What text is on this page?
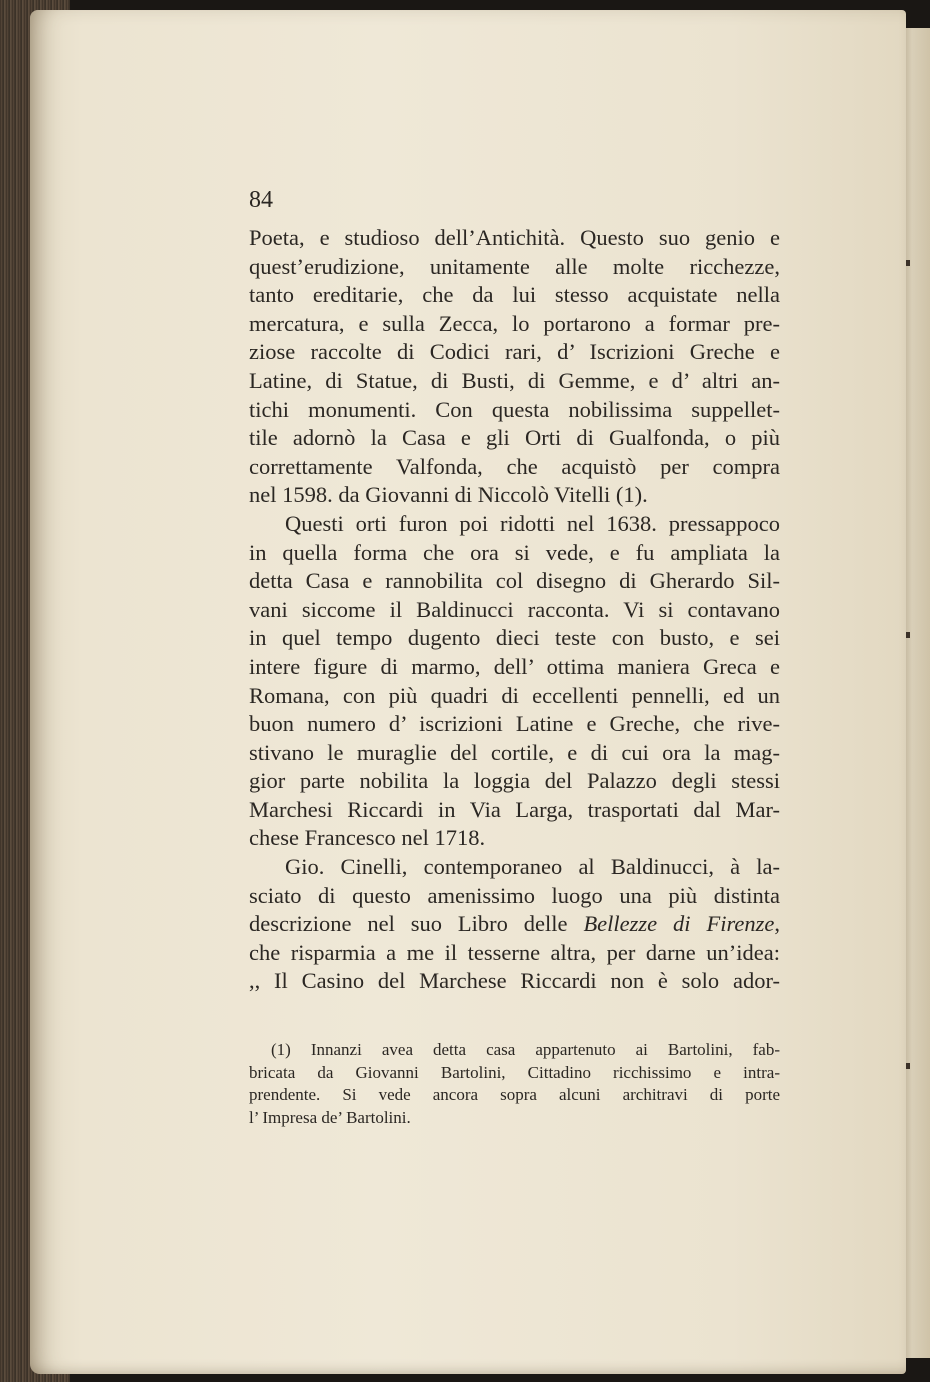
84
Poeta, e studioso dell’Antichità. Questo suo genio e
quest’erudizione, unitamente alle molte ricchezze,
tanto ereditarie, che da lui stesso acquistate nella
mercatura, e sulla Zecca, lo portarono a formar pre-
ziose raccolte di Codici rari, d’ Iscrizioni Greche e
Latine, di Statue, di Busti, di Gemme, e d’ altri an-
tichi monumenti. Con questa nobilissima suppellet-
tile adornò la Casa e gli Orti di Gualfonda, o più
correttamente Valfonda, che acquistò per compra
nel 1598. da Giovanni di Niccolò Vitelli (1).
Questi orti furon poi ridotti nel 1638. pressappoco
in quella forma che ora si vede, e fu ampliata la
detta Casa e rannobilita col disegno di Gherardo Sil-
vani siccome il Baldinucci racconta. Vi si contavano
in quel tempo dugento dieci teste con busto, e sei
intere figure di marmo, dell’ ottima maniera Greca e
Romana, con più quadri di eccellenti pennelli, ed un
buon numero d’ iscrizioni Latine e Greche, che rive-
stivano le muraglie del cortile, e di cui ora la mag-
gior parte nobilita la loggia del Palazzo degli stessi
Marchesi Riccardi in Via Larga, trasportati dal Mar-
chese Francesco nel 1718.
Gio. Cinelli, contemporaneo al Baldinucci, à la-
sciato di questo amenissimo luogo una più distinta
descrizione nel suo Libro delle Bellezze di Firenze,
che risparmia a me il tesserne altra, per darne un’idea:
,, Il Casino del Marchese Riccardi non è solo ador-
(1) Innanzi avea detta casa appartenuto ai Bartolini, fab-
bricata da Giovanni Bartolini, Cittadino ricchissimo e intra-
prendente. Si vede ancora sopra alcuni architravi di porte
l’ Impresa de’ Bartolini.
